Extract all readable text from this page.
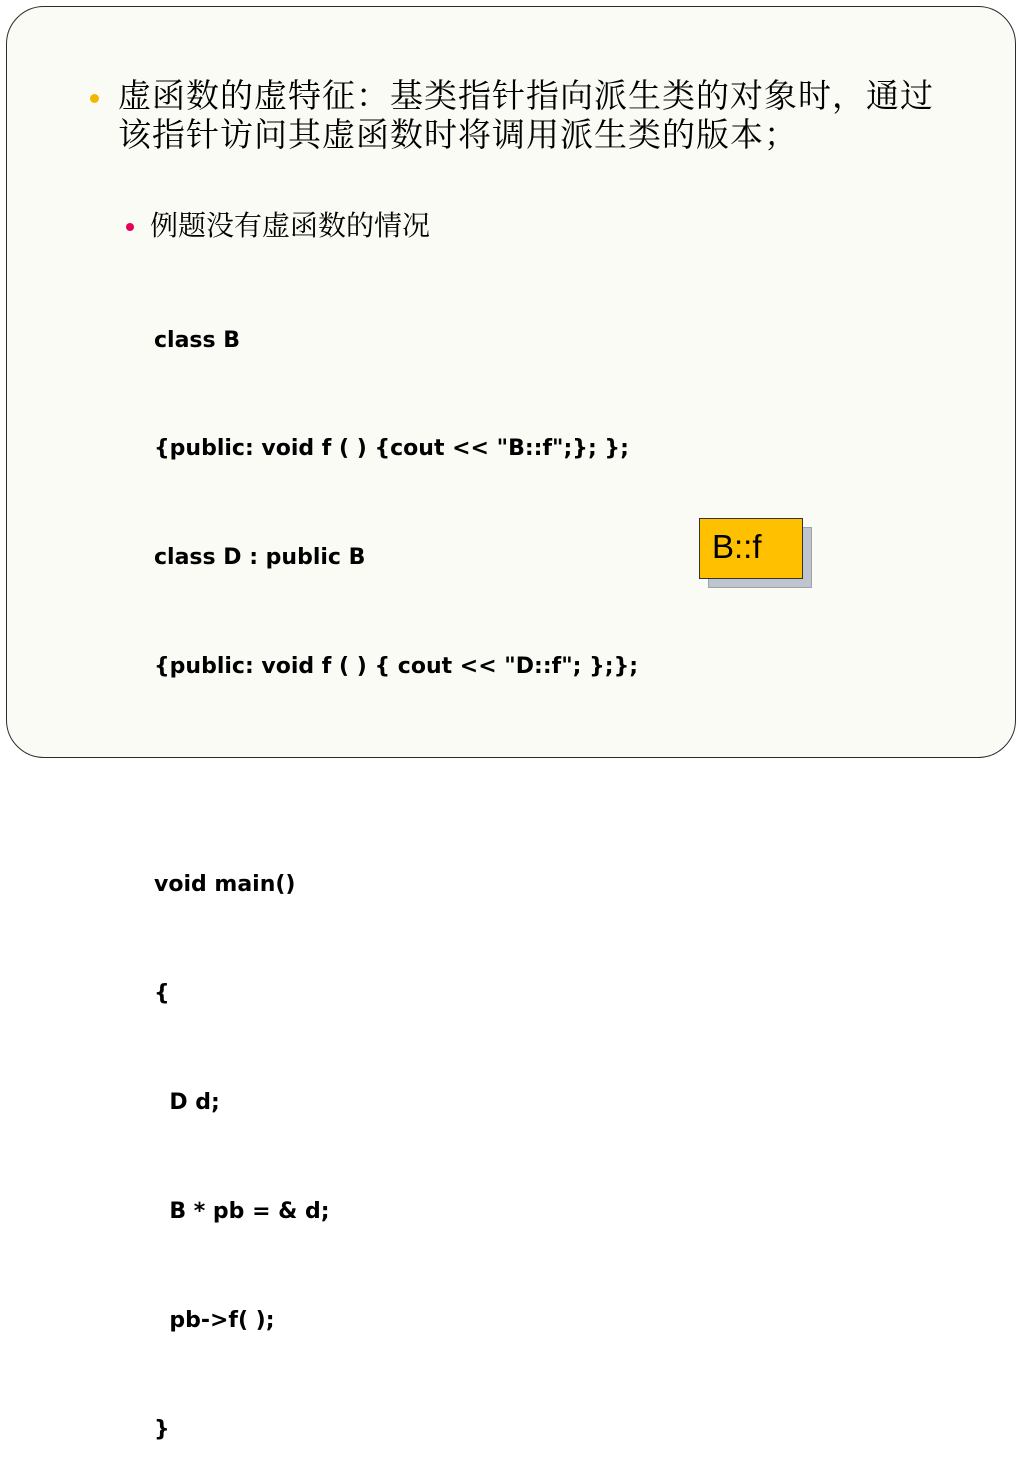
虚函数的虚特征：基类指针指向派生类的对象时，通过该指针访问其虚函数时将调用派生类的版本；
例题没有虚函数的情况

class B

{public: void f ( ) {cout << "B::f";}; };

class D : public B

{public: void f ( ) { cout << "D::f"; };};

void main()

{

D d;

B * pb = & d;

pb->f( );

}

B::f
